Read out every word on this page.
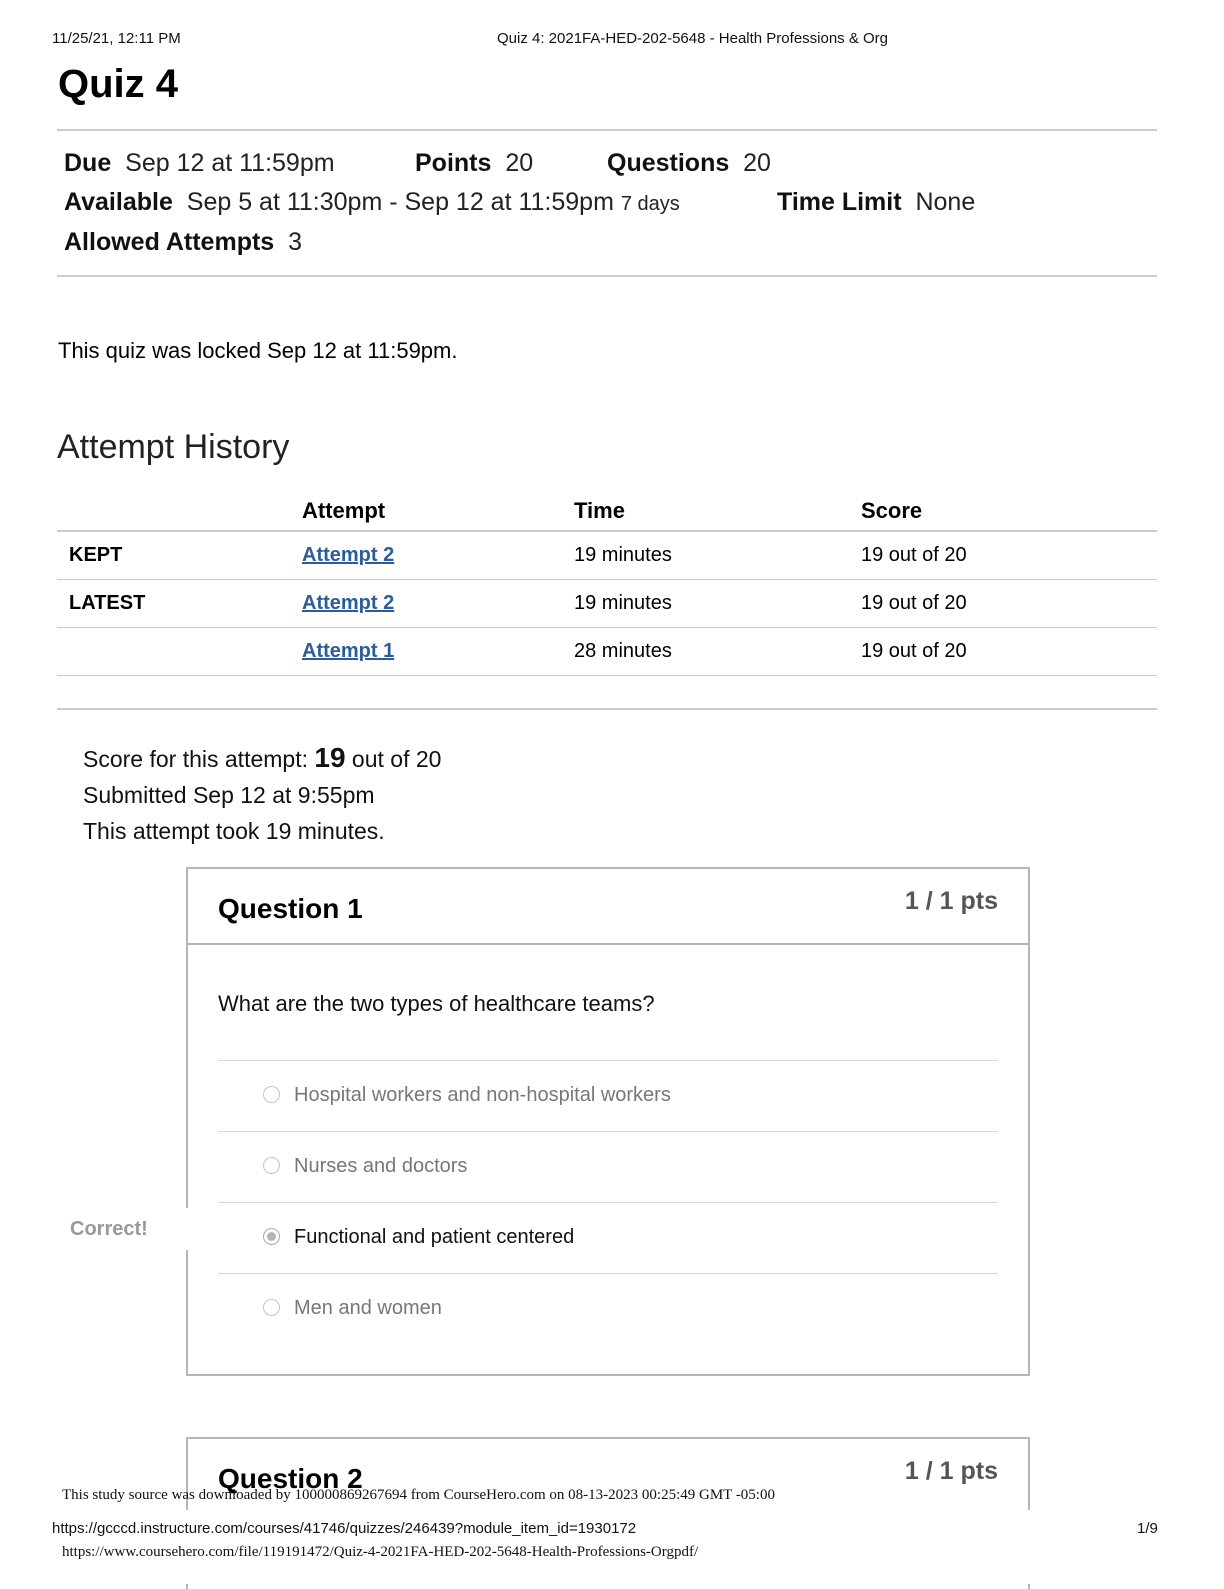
11/25/21, 12:11 PM	Quiz 4: 2021FA-HED-202-5648 - Health Professions & Org
Quiz 4
Due Sep 12 at 11:59pm	Points 20	Questions 20
Available Sep 5 at 11:30pm - Sep 12 at 11:59pm 7 days	Time Limit None
Allowed Attempts 3
This quiz was locked Sep 12 at 11:59pm.
Attempt History
	Attempt	Time	Score
KEPT	Attempt 2	19 minutes	19 out of 20
LATEST	Attempt 2	19 minutes	19 out of 20
	Attempt 1	28 minutes	19 out of 20
Score for this attempt: 19 out of 20
Submitted Sep 12 at 9:55pm
This attempt took 19 minutes.
Question 1	1 / 1 pts
What are the two types of healthcare teams?
Hospital workers and non-hospital workers
Nurses and doctors
Functional and patient centered
Men and women
Correct!
Question 2	1 / 1 pts
This study source was downloaded by 100000869267694 from CourseHero.com on 08-13-2023 00:25:49 GMT -05:00
https://gcccd.instructure.com/courses/41746/quizzes/246439?module_item_id=1930172	1/9
https://www.coursehero.com/file/119191472/Quiz-4-2021FA-HED-202-5648-Health-Professions-Orgpdf/
